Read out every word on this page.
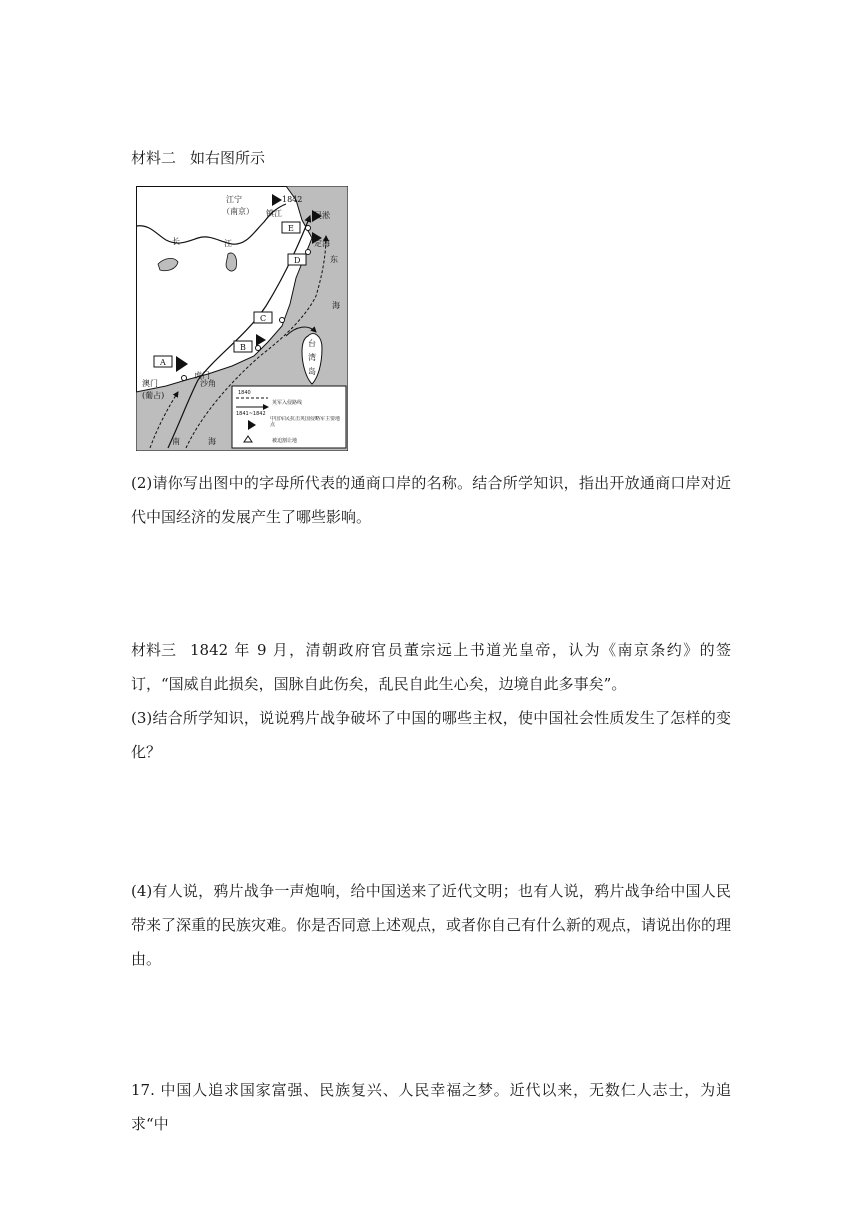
材料二 如右图所示
A
B
C
D
E
江宁
（南京）
1842
镇江	吴淞
定海
东
海
长	江
澳门
(葡占)
虎门
沙角
台
湾
岛
南	海
1840
1841~1842
英军入侵路线
中国军民抗击英国侵略军主要地点
被迫割让地

(2)请你写出图中的字母所代表的通商口岸的名称。结合所学知识，指出开放通商口岸对近代中国经济的发展产生了哪些影响。

材料三 1842 年 9 月，清朝政府官员董宗远上书道光皇帝，认为《南京条约》的签订，“国威自此损矣，国脉自此伤矣，乱民自此生心矣，边境自此多事矣”。

(3)结合所学知识，说说鸦片战争破坏了中国的哪些主权，使中国社会性质发生了怎样的变化？

(4)有人说，鸦片战争一声炮响，给中国送来了近代文明；也有人说，鸦片战争给中国人民带来了深重的民族灾难。你是否同意上述观点，或者你自己有什么新的观点，请说出你的理由。

17. 中国人追求国家富强、民族复兴、人民幸福之梦。近代以来，无数仁人志士，为追求“中
